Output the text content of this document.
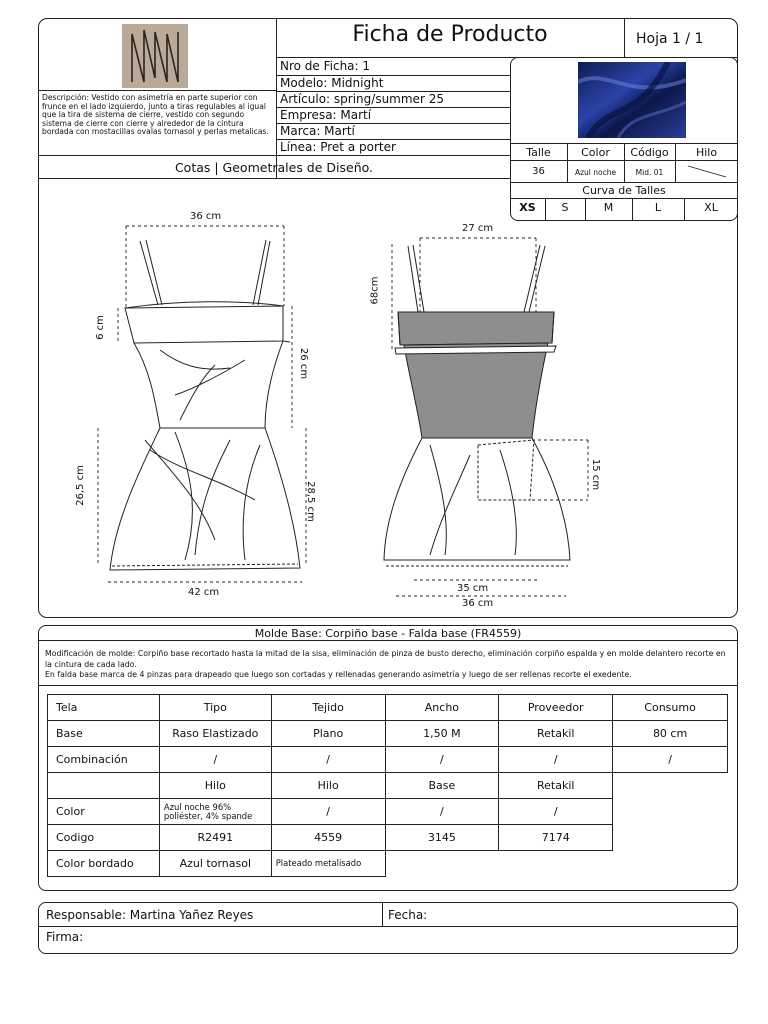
Ficha de Producto	Hoja 1 / 1
Nro de Ficha: 1
Modelo: Midnight
Artículo: spring/summer 25
Empresa: Martí
Marca: Martí
Línea: Pret a porter
Descripción: Vestido con asimetría en parte superior con frunce en el lado izquierdo, junto a tiras regulables al igual que la tira de sistema de cierre, vestido con segundo sistema de cierre con cierre y alrededor de la cintura bordada con mostacillas ovalas tornasol y perlas metalicas.
Cotas | Geometrales de Diseño.
Talle	Color	Código	Hilo
36	Azul noche	Mid. 01
Curva de Talles
XS	S	M	L	XL
36 cm
6 cm
26 cm
26,5 cm	28,5 cm
42 cm
27 cm
68cm
15 cm
35 cm
36 cm
Molde Base: Corpiño base - Falda base (FR4559)
Modificación de molde: Corpiño base recortado hasta la mitad de la sisa, eliminación de pinza de busto derecho, eliminación corpiño espalda y en molde delantero recorte en la cintura de cada lado.
En falda base marca de 4 pinzas para drapeado que luego son cortadas y rellenadas generando asimetría y luego de ser rellenas recorte el exedente.
Tela	Tipo	Tejido	Ancho	Proveedor	Consumo
Base	Raso Elastizado	Plano	1,50 M	Retakil	80 cm
Combinación	/	/	/	/	/
	Hilo	Hilo	Base	Retakil	
Color	Azul noche 96% poliéster, 4% spande	/	/	/	
Codigo	R2491	4559	3145	7174	
Color bordado	Azul tornasol	Plateado metalisado			
Responsable: Martina Yañez Reyes	Fecha:
Firma:
